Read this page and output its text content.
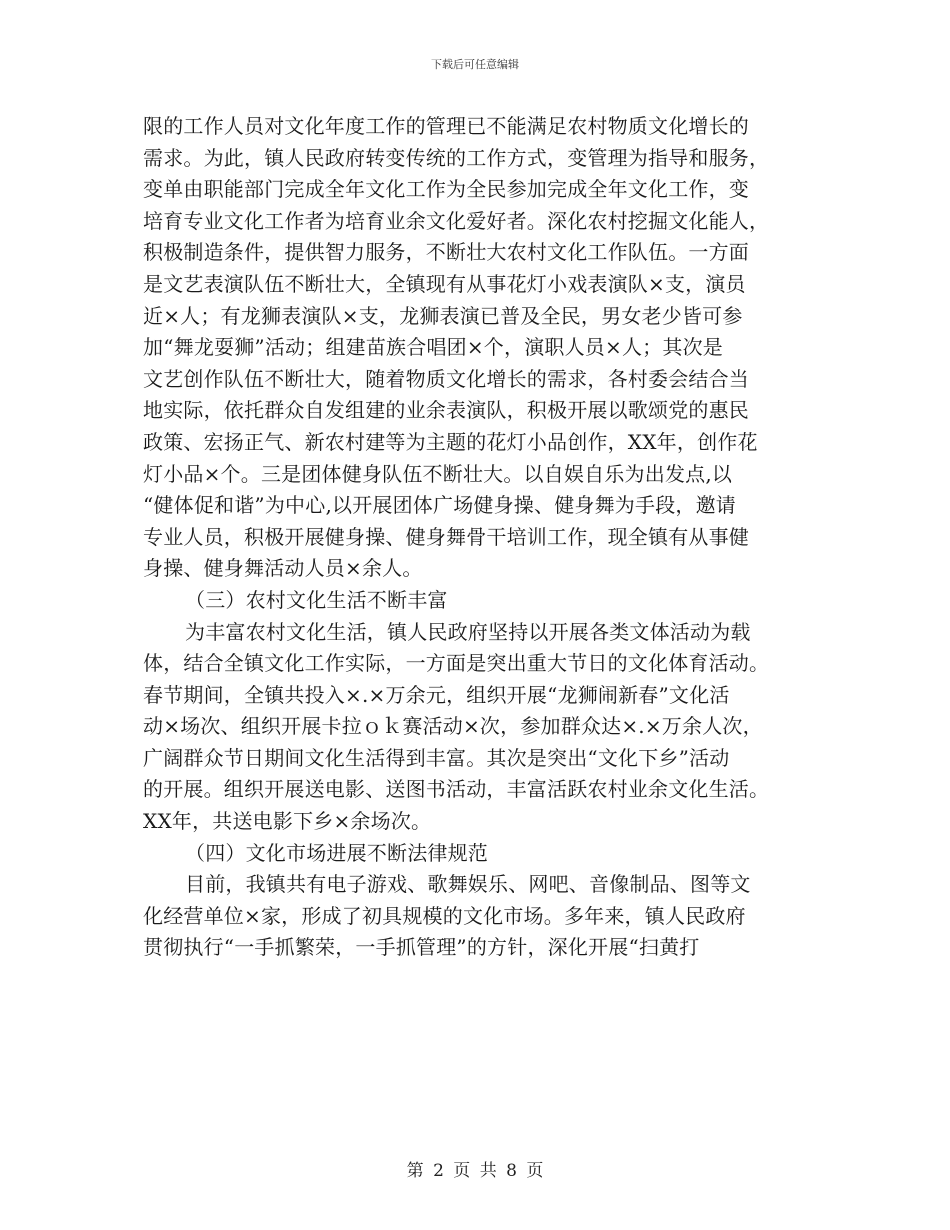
下载后可任意编辑
限的工作人员对文化年度工作的管理已不能满足农村物质文化增长的
需求。为此，镇人民政府转变传统的工作方式，变管理为指导和服务，
变单由职能部门完成全年文化工作为全民参加完成全年文化工作，变
培育专业文化工作者为培育业余文化爱好者。深化农村挖掘文化能人，
积极制造条件，提供智力服务，不断壮大农村文化工作队伍。一方面
是文艺表演队伍不断壮大，全镇现有从事花灯小戏表演队×支，演员
近×人；有龙狮表演队×支，龙狮表演已普及全民，男女老少皆可参
加“舞龙耍狮”活动；组建苗族合唱团×个，演职人员×人；其次是
文艺创作队伍不断壮大，随着物质文化增长的需求，各村委会结合当
地实际，依托群众自发组建的业余表演队，积极开展以歌颂党的惠民
政策、宏扬正气、新农村建等为主题的花灯小品创作，XX年，创作花
灯小品×个。三是团体健身队伍不断壮大。以自娱自乐为出发点,以
“健体促和谐”为中心,以开展团体广场健身操、健身舞为手段，邀请
专业人员，积极开展健身操、健身舞骨干培训工作，现全镇有从事健
身操、健身舞活动人员×余人。
（三）农村文化生活不断丰富
为丰富农村文化生活，镇人民政府坚持以开展各类文体活动为载
体，结合全镇文化工作实际，一方面是突出重大节日的文化体育活动。
春节期间，全镇共投入×.×万余元，组织开展“龙狮闹新春”文化活
动×场次、组织开展卡拉ｏｋ赛活动×次，参加群众达×.×万余人次，
广阔群众节日期间文化生活得到丰富。其次是突出“文化下乡”活动
的开展。组织开展送电影、送图书活动，丰富活跃农村业余文化生活。
XX年，共送电影下乡×余场次。
（四）文化市场进展不断法律规范
目前，我镇共有电子游戏、歌舞娱乐、网吧、音像制品、图等文
化经营单位×家，形成了初具规模的文化市场。多年来，镇人民政府
贯彻执行“一手抓繁荣，一手抓管理”的方针，深化开展“扫黄打
第 2 页 共 8 页
